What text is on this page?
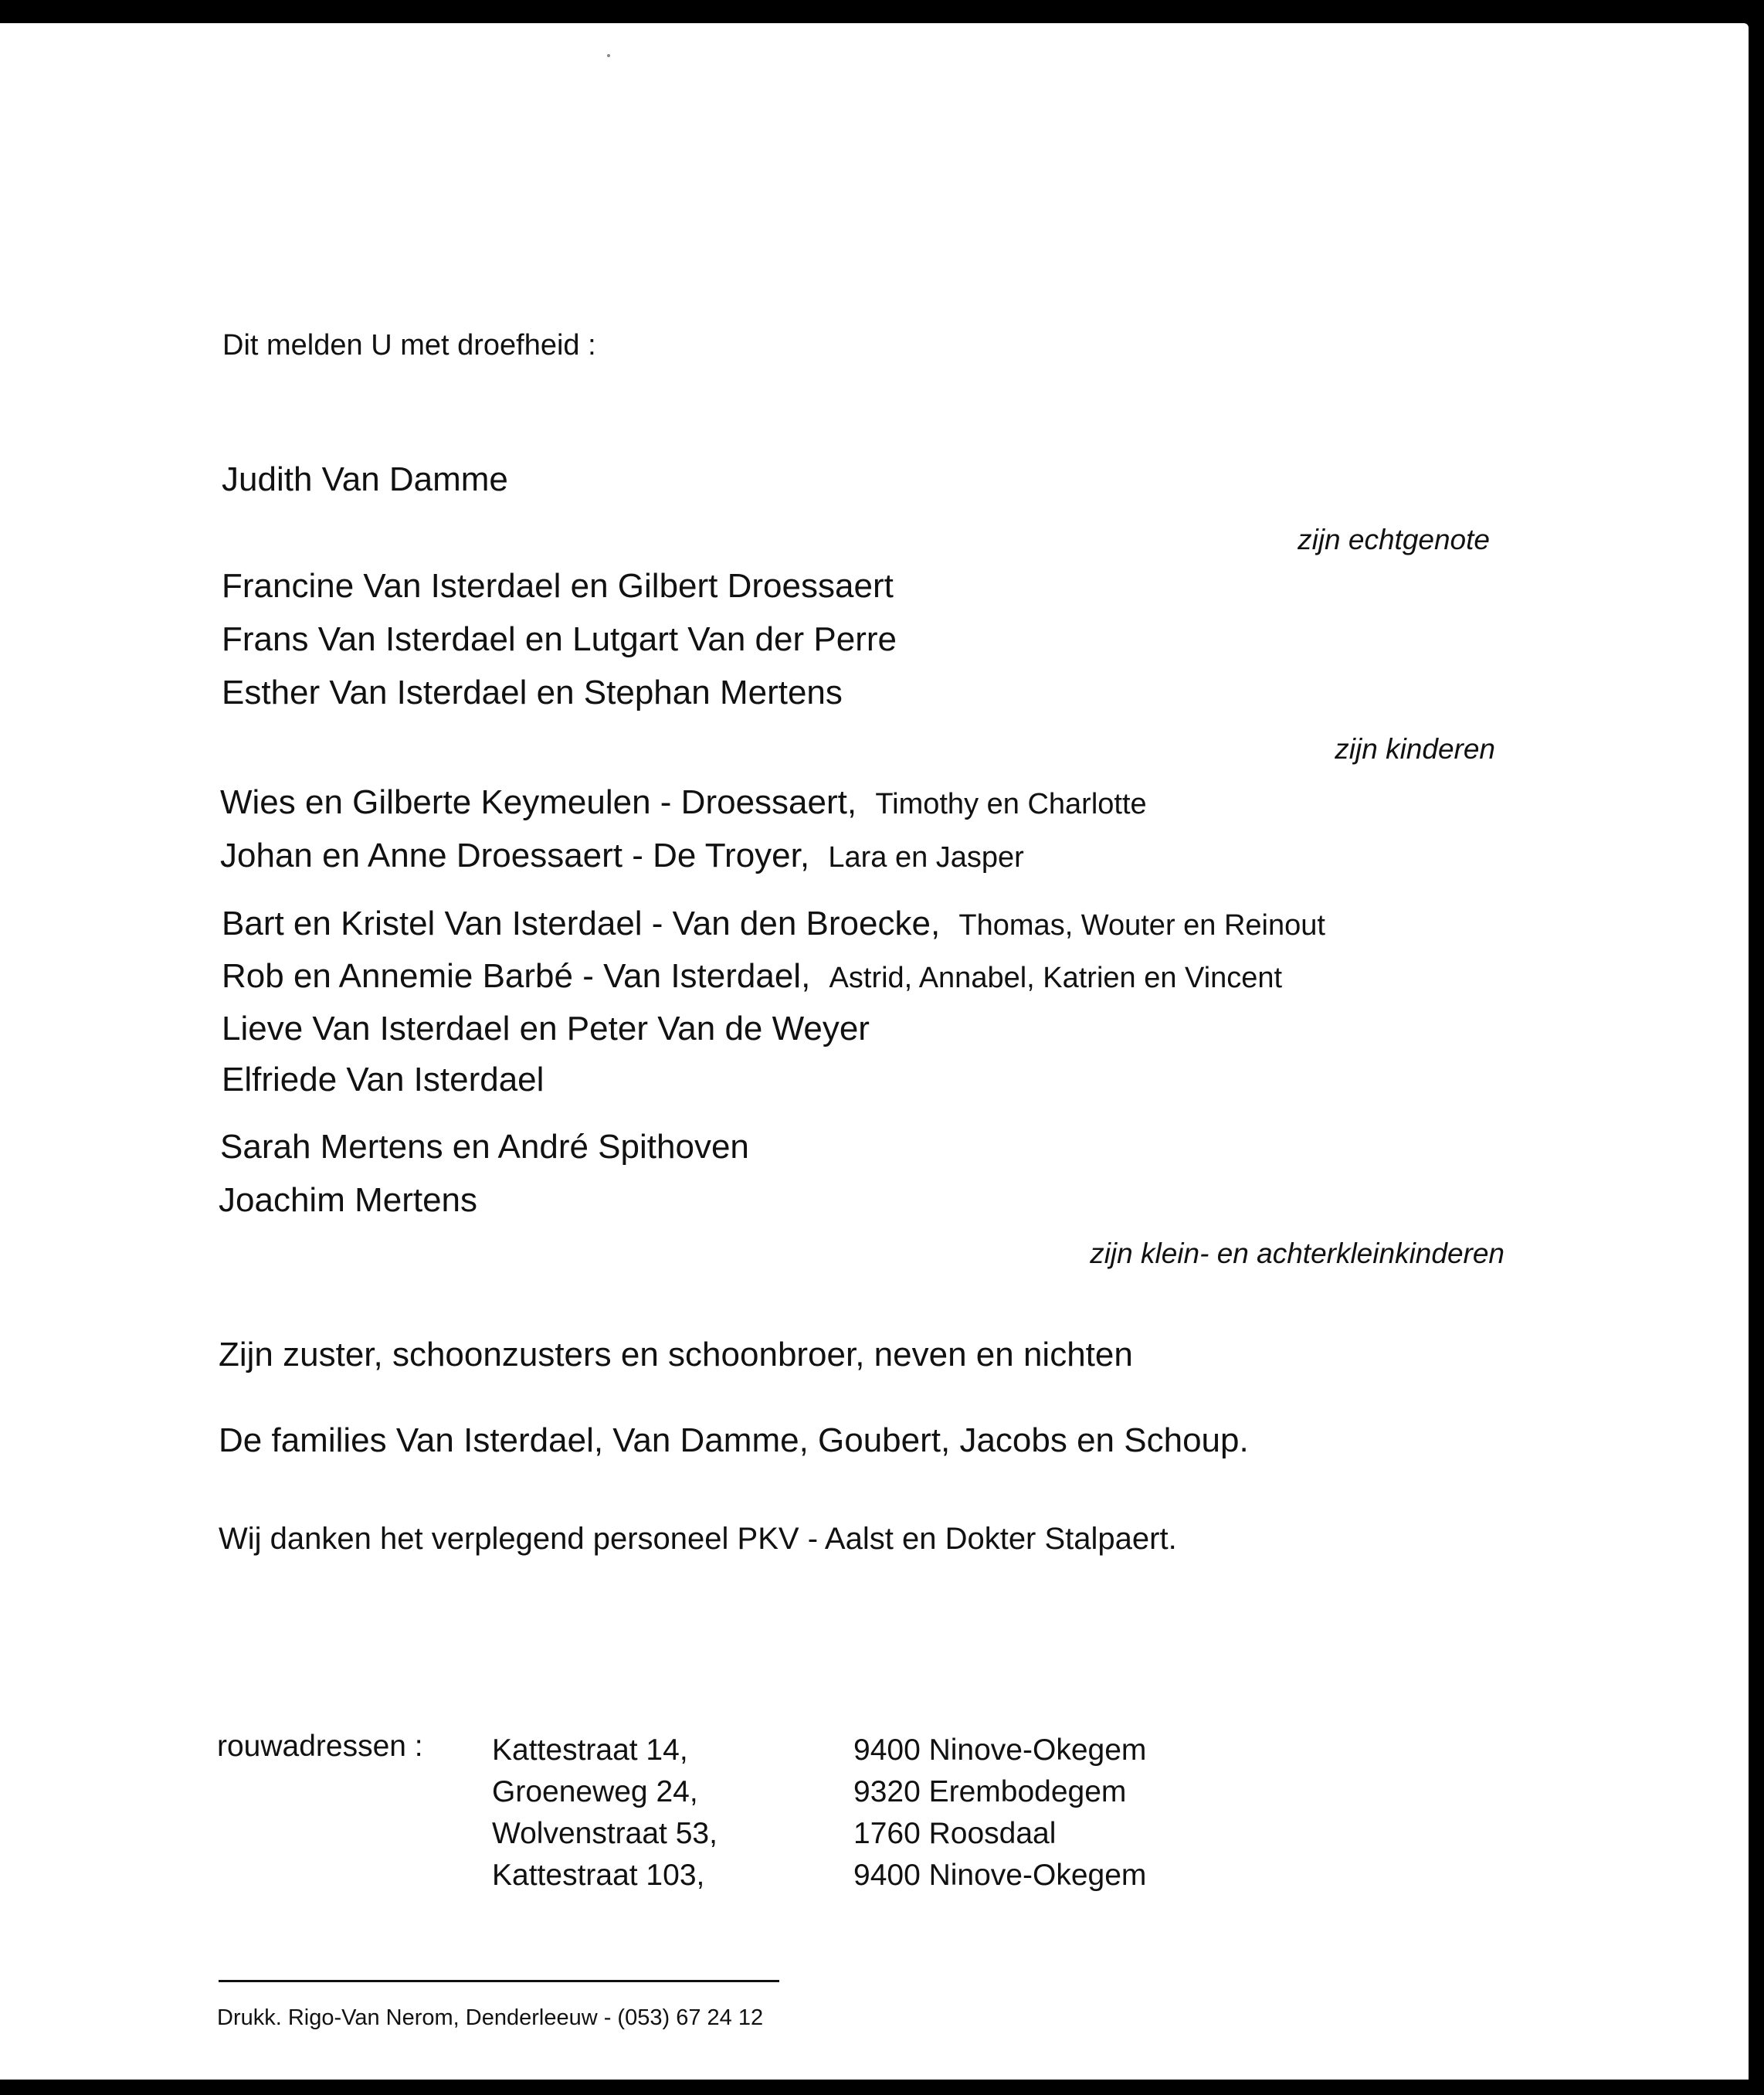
Dit melden U met droefheid :
Judith Van Damme
zijn echtgenote
Francine Van Isterdael en Gilbert Droessaert
Frans Van Isterdael en Lutgart Van der Perre
Esther Van Isterdael en Stephan Mertens
zijn kinderen
Wies en Gilberte Keymeulen - Droessaert, Timothy en Charlotte
Johan en Anne Droessaert - De Troyer, Lara en Jasper
Bart en Kristel Van Isterdael - Van den Broecke, Thomas, Wouter en Reinout
Rob en Annemie Barbé - Van Isterdael, Astrid, Annabel, Katrien en Vincent
Lieve Van Isterdael en Peter Van de Weyer
Elfriede Van Isterdael
Sarah Mertens en André Spithoven
Joachim Mertens
zijn klein- en achterkleinkinderen
Zijn zuster, schoonzusters en schoonbroer, neven en nichten
De families Van Isterdael, Van Damme, Goubert, Jacobs en Schoup.
Wij danken het verplegend personeel PKV - Aalst en Dokter Stalpaert.
rouwadressen : Kattestraat 14,	9400 Ninove-Okegem
Groeneweg 24,	9320 Erembodegem
Wolvenstraat 53,	1760 Roosdaal
Kattestraat 103,	9400 Ninove-Okegem
Drukk. Rigo-Van Nerom, Denderleeuw - (053) 67 24 12
